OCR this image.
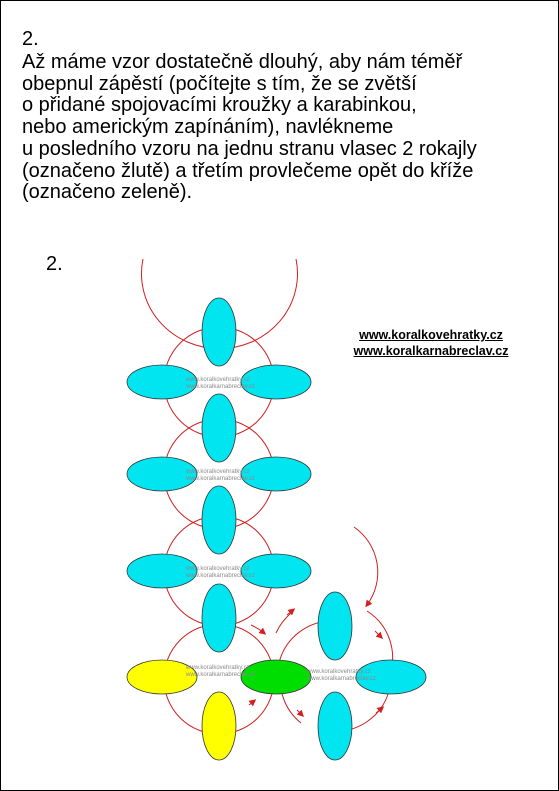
2.
Až máme vzor dostatečně dlouhý, aby nám téměř
obepnul zápěstí (počítejte s tím, že se zvětší
o přidané spojovacími kroužky a karabinkou,
nebo americkým zapínáním), navlékneme
u posledního vzoru na jednu stranu vlasec 2 rokajly
(označeno žlutě) a třetím provlečeme opět do kříže
(označeno zeleně).
2.
www.koralkovehratky.cz
www.koralkarnabreclav.cz
www.koralkovehratky.cz
www.koralkarnabreclav.cz
www.koralkovehratky.cz
www.koralkarnabreclav.cz
www.koralkovehratky.cz
www.koralkarnabreclav.cz	www.koralkovehratky.cz
www.koralkarnabreclav.cz
www.koralkovehratky.cz
www.koralkarnabreclav.cz
